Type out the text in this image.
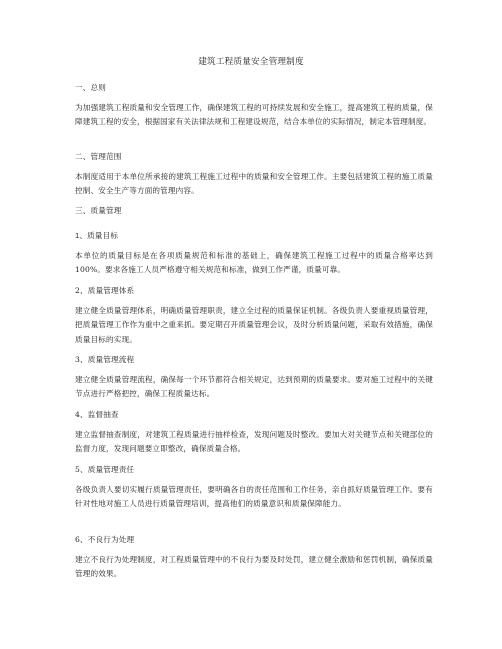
建筑工程质量安全管理制度
一、总则
为加强建筑工程质量和安全管理工作，确保建筑工程的可持续发展和安全施工，提高建筑工程的质量，保障建筑工程的安全，根据国家有关法律法规和工程建设规范，结合本单位的实际情况，制定本管理制度。
二、管理范围
本制度适用于本单位所承接的建筑工程施工过程中的质量和安全管理工作。主要包括建筑工程的施工质量控制、安全生产等方面的管理内容。
三、质量管理
1、质量目标
本单位的质量目标是在各项质量规范和标准的基础上，确保建筑工程施工过程中的质量合格率达到100%。要求各施工人员严格遵守相关规范和标准，做到工作严谨，质量可靠。
2、质量管理体系
建立健全质量管理体系，明确质量管理职责，建立全过程的质量保证机制。各级负责人要重视质量管理，把质量管理工作作为重中之重来抓。要定期召开质量管理会议，及时分析质量问题，采取有效措施，确保质量目标的实现。
3、质量管理流程
建立健全质量管理流程，确保每一个环节都符合相关规定，达到预期的质量要求。要对施工过程中的关键节点进行严格把控，确保工程质量达标。
4、监督抽查
建立监督抽查制度，对建筑工程质量进行抽样检查，发现问题及时整改。要加大对关键节点和关键部位的监督力度，发现问题要立即整改，确保质量合格。
5、质量管理责任
各级负责人要切实履行质量管理责任，要明确各自的责任范围和工作任务，亲自抓好质量管理工作。要有针对性地对施工人员进行质量管理培训，提高他们的质量意识和质量保障能力。
6、不良行为处理
建立不良行为处理制度，对工程质量管理中的不良行为要及时处罚，建立健全激励和惩罚机制，确保质量管理的效果。
